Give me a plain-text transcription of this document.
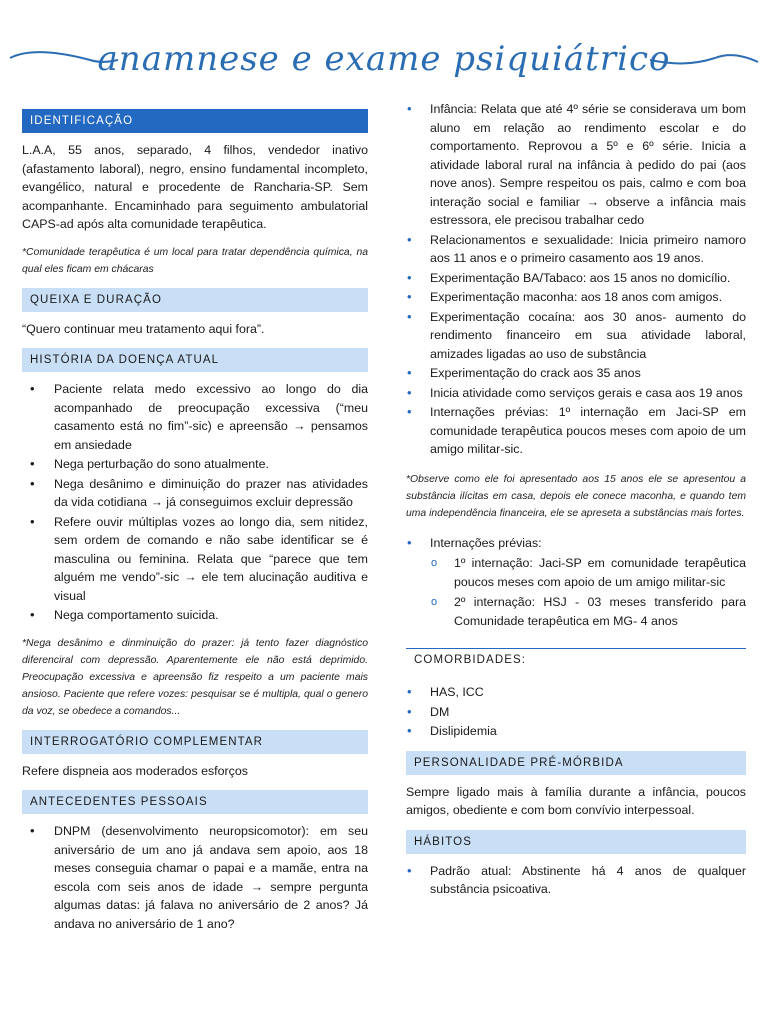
anamnese e exame psiquiátrico
IDENTIFICAÇÃO

L.A.A, 55 anos, separado, 4 filhos, vendedor inativo (afastamento laboral), negro, ensino fundamental incompleto, evangélico, natural e procedente de Rancharia-SP. Sem acompanhante. Encaminhado para seguimento ambulatorial CAPS-ad após alta comunidade terapêutica.

*Comunidade terapêutica é um local para tratar dependência química, na qual eles ficam em chácaras

QUEIXA E DURAÇÃO

“Quero continuar meu tratamento aqui fora”.

HISTÓRIA DA DOENÇA ATUAL
• Paciente relata medo excessivo ao longo do dia acompanhado de preocupação excessiva (“meu casamento está no fim”-sic) e apreensão → pensamos em ansiedade
• Nega perturbação do sono atualmente.
• Nega desânimo e diminuição do prazer nas atividades da vida cotidiana → já conseguimos excluir depressão
• Refere ouvir múltiplas vozes ao longo dia, sem nitidez, sem ordem de comando e não sabe identificar se é masculina ou feminina. Relata que “parece que tem alguém me vendo”-sic → ele tem alucinação auditiva e visual
• Nega comportamento suicida.

*Nega desânimo e dinminuição do prazer: já tento fazer diagnóstico diferenciral com depressão. Aparentemente ele não está deprimido. Preocupação excessiva e apreensão fiz respeito a um paciente mais ansioso. Paciente que refere vozes: pesquisar se é multipla, qual o genero da voz, se obedece a comandos...

INTERROGATÓRIO COMPLEMENTAR

Refere dispneia aos moderados esforços

ANTECEDENTES PESSOAIS
• DNPM (desenvolvimento neuropsicomotor): em seu aniversário de um ano já andava sem apoio, aos 18 meses conseguia chamar o papai e a mamãe, entra na escola com seis anos de idade → sempre pergunta algumas datas: já falava no aniversário de 2 anos? Já andava no aniversário de 1 ano?
• Infância: Relata que até 4º série se considerava um bom aluno em relação ao rendimento escolar e do comportamento. Reprovou a 5º e 6º série. Inicia a atividade laboral rural na infância à pedido do pai (aos nove anos). Sempre respeitou os pais, calmo e com boa interação social e familiar → observe a infância mais estressora, ele precisou trabalhar cedo
• Relacionamentos e sexualidade: Inicia primeiro namoro aos 11 anos e o primeiro casamento aos 19 anos.
• Experimentação BA/Tabaco: aos 15 anos no domicílio.
• Experimentação maconha: aos 18 anos com amigos.
• Experimentação cocaína: aos 30 anos- aumento do rendimento financeiro em sua atividade laboral, amizades ligadas ao uso de substância
• Experimentação do crack aos 35 anos
• Inicia atividade como serviços gerais e casa aos 19 anos
• Internações prévias: 1º internação em Jaci-SP em comunidade terapêutica poucos meses com apoio de um amigo militar-sic.

*Observe como ele foi apresentado aos 15 anos ele se apresentou a substância ilícitas em casa, depois ele conece maconha, e quando tem uma independência financeira, ele se apreseta a substâncias mais fortes.

• Internações prévias:
o 1º internação: Jaci-SP em comunidade terapêutica poucos meses com apoio de um amigo militar-sic
o 2º internação: HSJ - 03 meses transferido para Comunidade terapêutica em MG- 4 anos
COMORBIDADES:
• HAS, ICC
• DM
• Dislipidemia
PERSONALIDADE PRÉ-MÓRBIDA

Sempre ligado mais à família durante a infância, poucos amigos, obediente e com bom convívio interpessoal.

HÁBITOS
• Padrão atual: Abstinente há 4 anos de qualquer substância psicoativa.
